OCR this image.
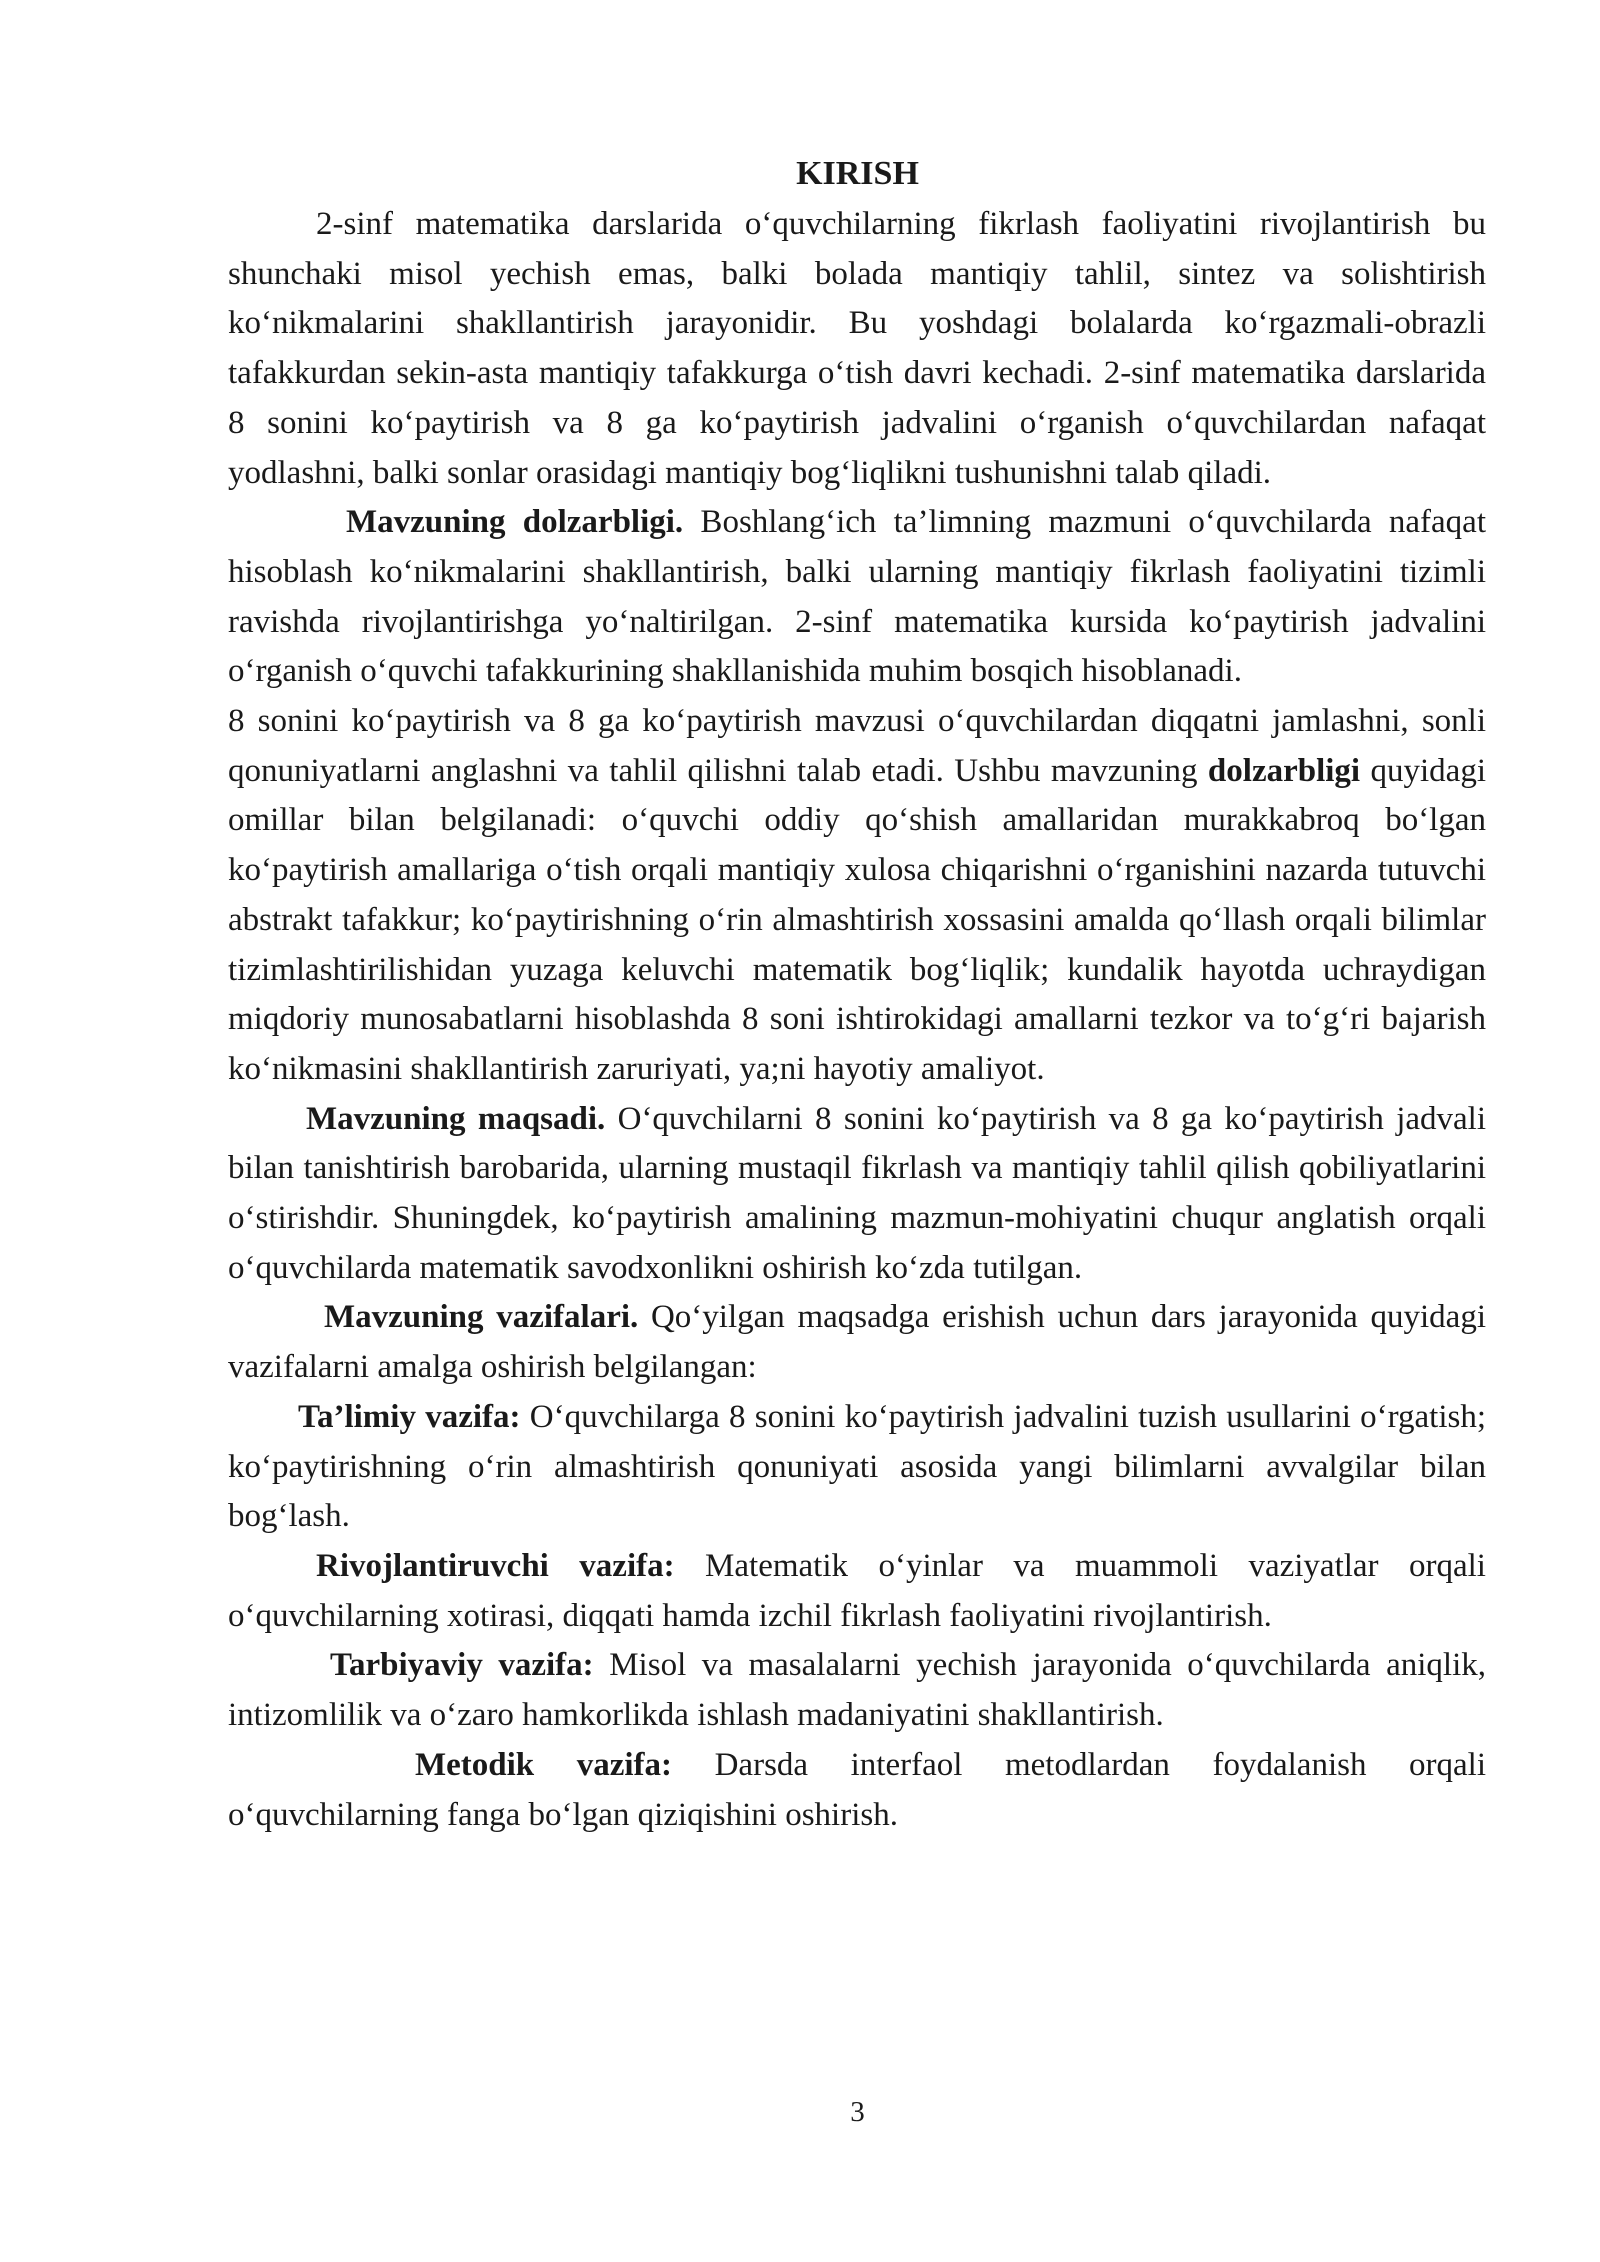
KIRISH

2-sinf matematika darslarida o‘quvchilarning fikrlash faoliyatini rivojlantirish bu shunchaki misol yechish emas, balki bolada mantiqiy tahlil, sintez va solishtirish ko‘nikmalarini shakllantirish jarayonidir. Bu yoshdagi bolalarda ko‘rgazmali-obrazli tafakkurdan sekin-asta mantiqiy tafakkurga o‘tish davri kechadi. 2-sinf matematika darslarida 8 sonini ko‘paytirish va 8 ga ko‘paytirish jadvalini o‘rganish o‘quvchilardan nafaqat yodlashni, balki sonlar orasidagi mantiqiy bog‘liqlikni tushunishni talab qiladi.

Mavzuning dolzarbligi. Boshlang‘ich ta’limning mazmuni o‘quvchilarda nafaqat hisoblash ko‘nikmalarini shakllantirish, balki ularning mantiqiy fikrlash faoliyatini tizimli ravishda rivojlantirishga yo‘naltirilgan. 2-sinf matematika kursida ko‘paytirish jadvalini o‘rganish o‘quvchi tafakkurining shakllanishida muhim bosqich hisoblanadi.

8 sonini ko‘paytirish va 8 ga ko‘paytirish mavzusi o‘quvchilardan diqqatni jamlashni, sonli qonuniyatlarni anglashni va tahlil qilishni talab etadi. Ushbu mavzuning dolzarbligi quyidagi omillar bilan belgilanadi: o‘quvchi oddiy qo‘shish amallaridan murakkabroq bo‘lgan ko‘paytirish amallariga o‘tish orqali mantiqiy xulosa chiqarishni o‘rganishini nazarda tutuvchi abstrakt tafakkur; ko‘paytirishning o‘rin almashtirish xossasini amalda qo‘llash orqali bilimlar tizimlashtirilishidan yuzaga keluvchi matematik bog‘liqlik; kundalik hayotda uchraydigan miqdoriy munosabatlarni hisoblashda 8 soni ishtirokidagi amallarni tezkor va to‘g‘ri bajarish ko‘nikmasini shakllantirish zaruriyati, ya;ni hayotiy amaliyot.

Mavzuning maqsadi. O‘quvchilarni 8 sonini ko‘paytirish va 8 ga ko‘paytirish jadvali bilan tanishtirish barobarida, ularning mustaqil fikrlash va mantiqiy tahlil qilish qobiliyatlarini o‘stirishdir. Shuningdek, ko‘paytirish amalining mazmun-mohiyatini chuqur anglatish orqali o‘quvchilarda matematik savodxonlikni oshirish ko‘zda tutilgan.

Mavzuning vazifalari. Qo‘yilgan maqsadga erishish uchun dars jarayonida quyidagi vazifalarni amalga oshirish belgilangan:

Ta’limiy vazifa: O‘quvchilarga 8 sonini ko‘paytirish jadvalini tuzish usullarini o‘rgatish; ko‘paytirishning o‘rin almashtirish qonuniyati asosida yangi bilimlarni avvalgilar bilan bog‘lash.

Rivojlantiruvchi vazifa: Matematik o‘yinlar va muammoli vaziyatlar orqali o‘quvchilarning xotirasi, diqqati hamda izchil fikrlash faoliyatini rivojlantirish.

Tarbiyaviy vazifa: Misol va masalalarni yechish jarayonida o‘quvchilarda aniqlik, intizomlilik va o‘zaro hamkorlikda ishlash madaniyatini shakllantirish.

Metodik vazifa: Darsda interfaol metodlardan foydalanish orqali o‘quvchilarning fanga bo‘lgan qiziqishini oshirish.

3
